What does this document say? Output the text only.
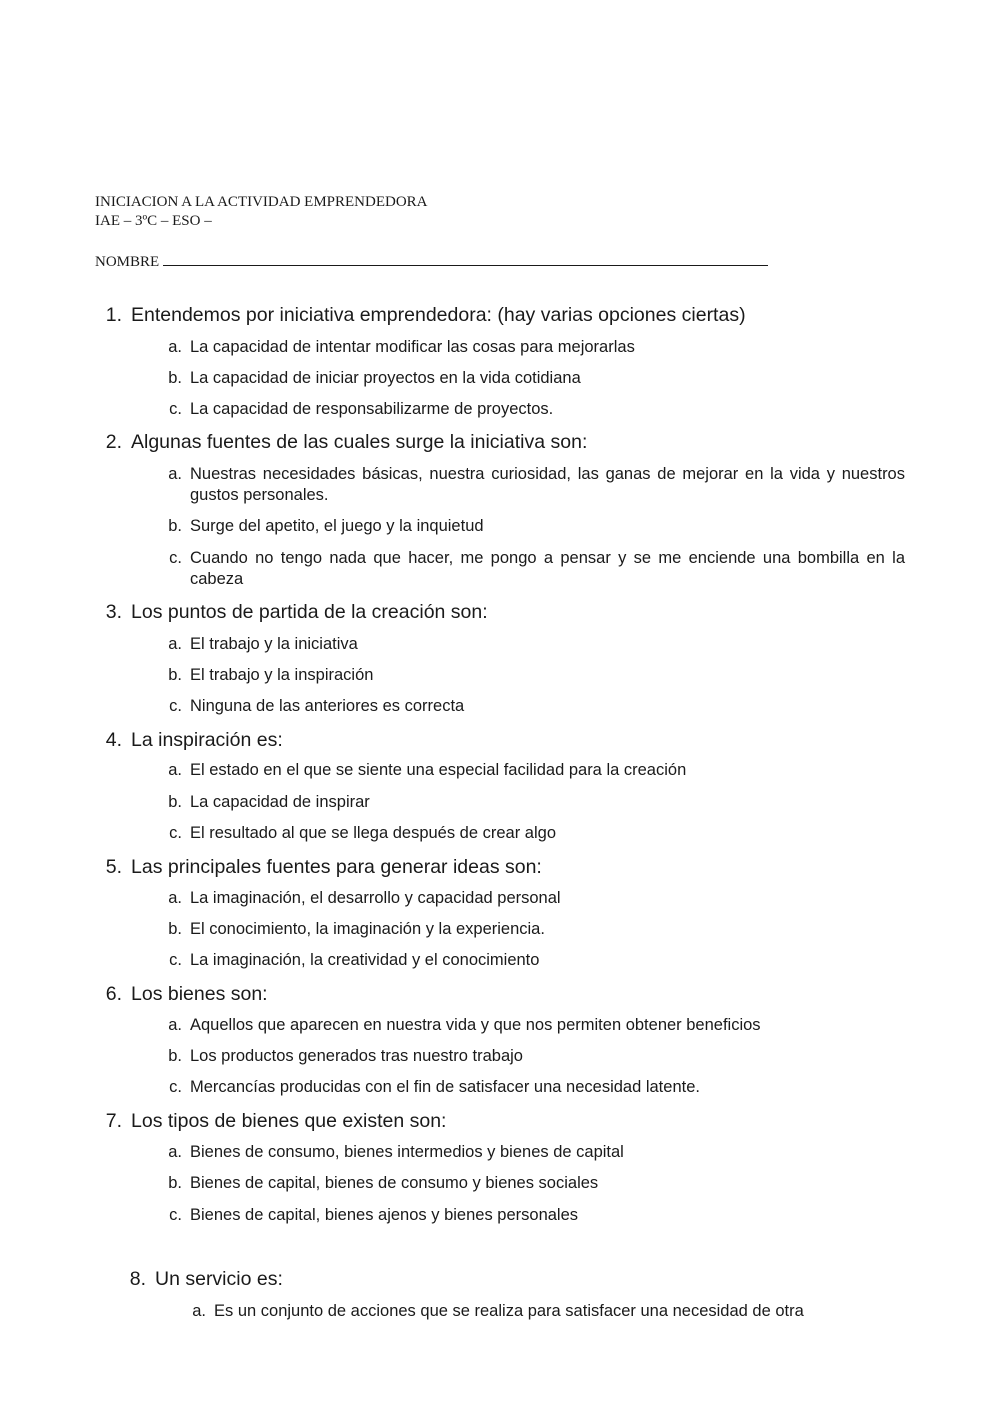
INICIACION A LA ACTIVIDAD EMPRENDEDORA
IAE – 3ºC – ESO –
NOMBRE
1. Entendemos por iniciativa emprendedora: (hay varias opciones ciertas)
a. La capacidad de intentar modificar las cosas para mejorarlas
b. La capacidad de iniciar proyectos en la vida cotidiana
c. La capacidad de responsabilizarme de proyectos.
2. Algunas fuentes de las cuales surge la iniciativa son:
a. Nuestras necesidades básicas, nuestra curiosidad, las ganas de mejorar en la vida y nuestros gustos personales.
b. Surge del apetito, el juego y la inquietud
c. Cuando no tengo nada que hacer, me pongo a pensar y se me enciende una bombilla en la cabeza
3. Los puntos de partida de la creación son:
a. El trabajo y la iniciativa
b. El trabajo y la inspiración
c. Ninguna de las anteriores es correcta
4. La inspiración es:
a. El estado en el que se siente una especial facilidad para la creación
b. La capacidad de inspirar
c. El resultado al que se llega después de crear algo
5. Las principales fuentes para generar ideas son:
a. La imaginación, el desarrollo y capacidad personal
b. El conocimiento, la imaginación y la experiencia.
c. La imaginación, la creatividad y el conocimiento
6. Los bienes son:
a. Aquellos que aparecen en nuestra vida y que nos permiten obtener beneficios
b. Los productos generados tras nuestro trabajo
c. Mercancías producidas con el fin de satisfacer una necesidad latente.
7. Los tipos de bienes que existen son:
a. Bienes de consumo, bienes intermedios y bienes de capital
b. Bienes de capital, bienes de consumo y bienes sociales
c. Bienes de capital, bienes ajenos y bienes personales
8. Un servicio es:
a. Es un conjunto de acciones que se realiza para satisfacer una necesidad de otra
